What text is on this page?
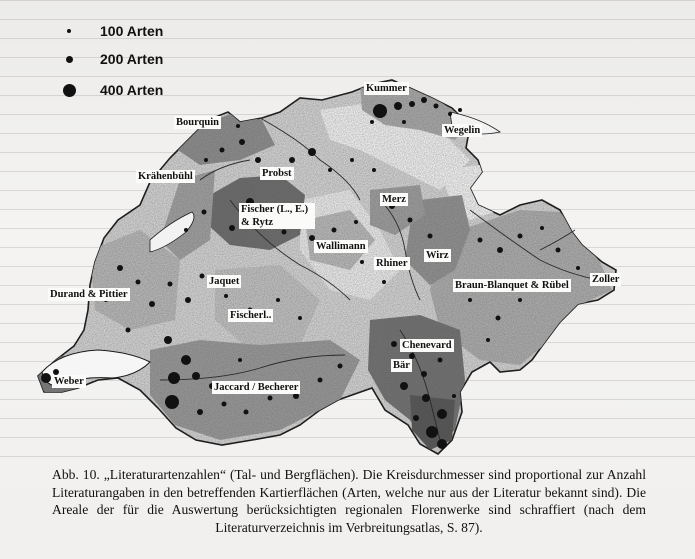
100 Arten
200 Arten
400 Arten	Kummer
Wegelin
Bourquin
Probst
Krähenbühl
Fischer (L., E.) & Rytz
Merz
Wallimann
Rhiner
Wirz
Jaquet	Braun-Blanquet & Rübel
Zoller
Durand & Pittier
Fischerl..
Chenevard
Bär
Weber
Jaccard / Becherer

Abb. 10. „Literaturartenzahlen“ (Tal- und Bergflächen). Die Kreisdurchmesser sind proportional zur Anzahl Literaturangaben in den betreffenden Kartierflächen (Arten, welche nur aus der Literatur bekannt sind). Die Areale der für die Auswertung berücksichtigten regionalen Florenwerke sind schraffiert (nach dem Literaturverzeichnis im Verbreitungsatlas, S. 87).
